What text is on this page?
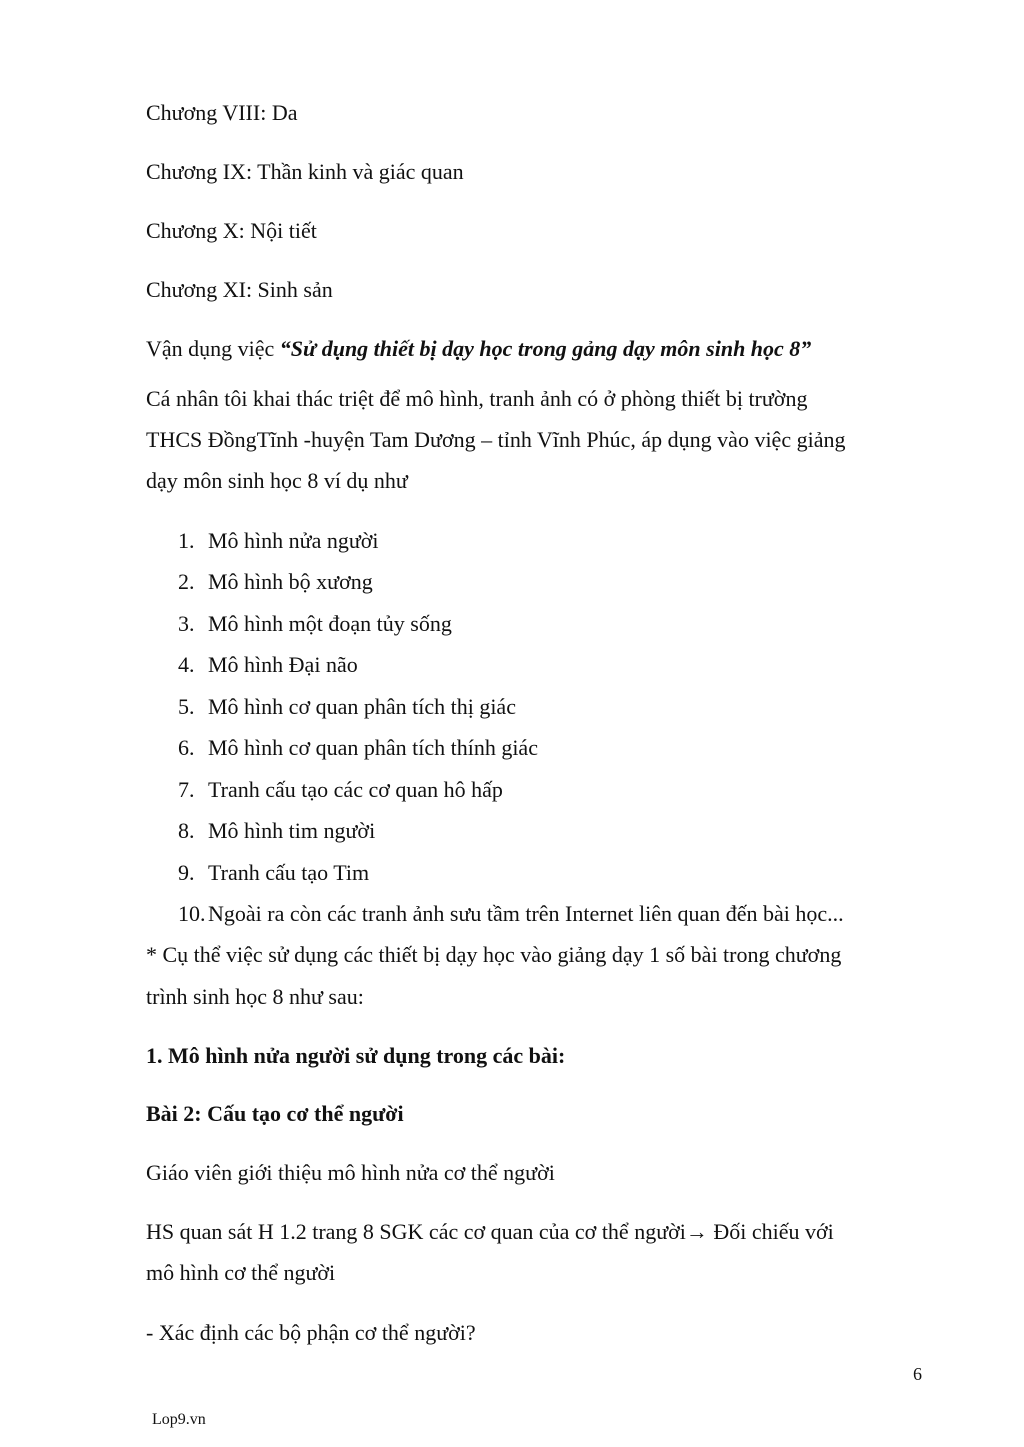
Chương VIII: Da
Chương IX: Thần kinh và giác quan
Chương X: Nội tiết
Chương XI: Sinh sản
Vận dụng việc “Sử dụng thiết bị dạy học trong gảng dạy môn sinh học 8”
Cá nhân tôi khai thác triệt để mô hình, tranh ảnh có ở phòng thiết bị trường
THCS ĐồngTĩnh -huyện Tam Dương – tỉnh Vĩnh Phúc, áp dụng vào việc giảng
dạy môn sinh học 8 ví dụ như
1. Mô hình nửa người
2. Mô hình bộ xương
3. Mô hình một đoạn tủy sống
4. Mô hình Đại não
5. Mô hình cơ quan phân tích thị giác
6. Mô hình cơ quan phân tích thính giác
7. Tranh cấu tạo các cơ quan hô hấp
8. Mô hình tim người
9. Tranh cấu tạo Tim
10. Ngoài ra còn các tranh ảnh sưu tầm trên Internet liên quan đến bài học...
* Cụ thể việc sử dụng các thiết bị dạy học vào giảng dạy 1 số bài trong chương
trình sinh học 8 như sau:
1. Mô hình nửa người sử dụng trong các bài:
Bài 2: Cấu tạo cơ thể người
Giáo viên giới thiệu mô hình nửa cơ thể người
HS quan sát H 1.2 trang 8 SGK các cơ quan của cơ thể người→ Đối chiếu với
mô hình cơ thể người
- Xác định các bộ phận cơ thể người?
6
Lop9.vn
